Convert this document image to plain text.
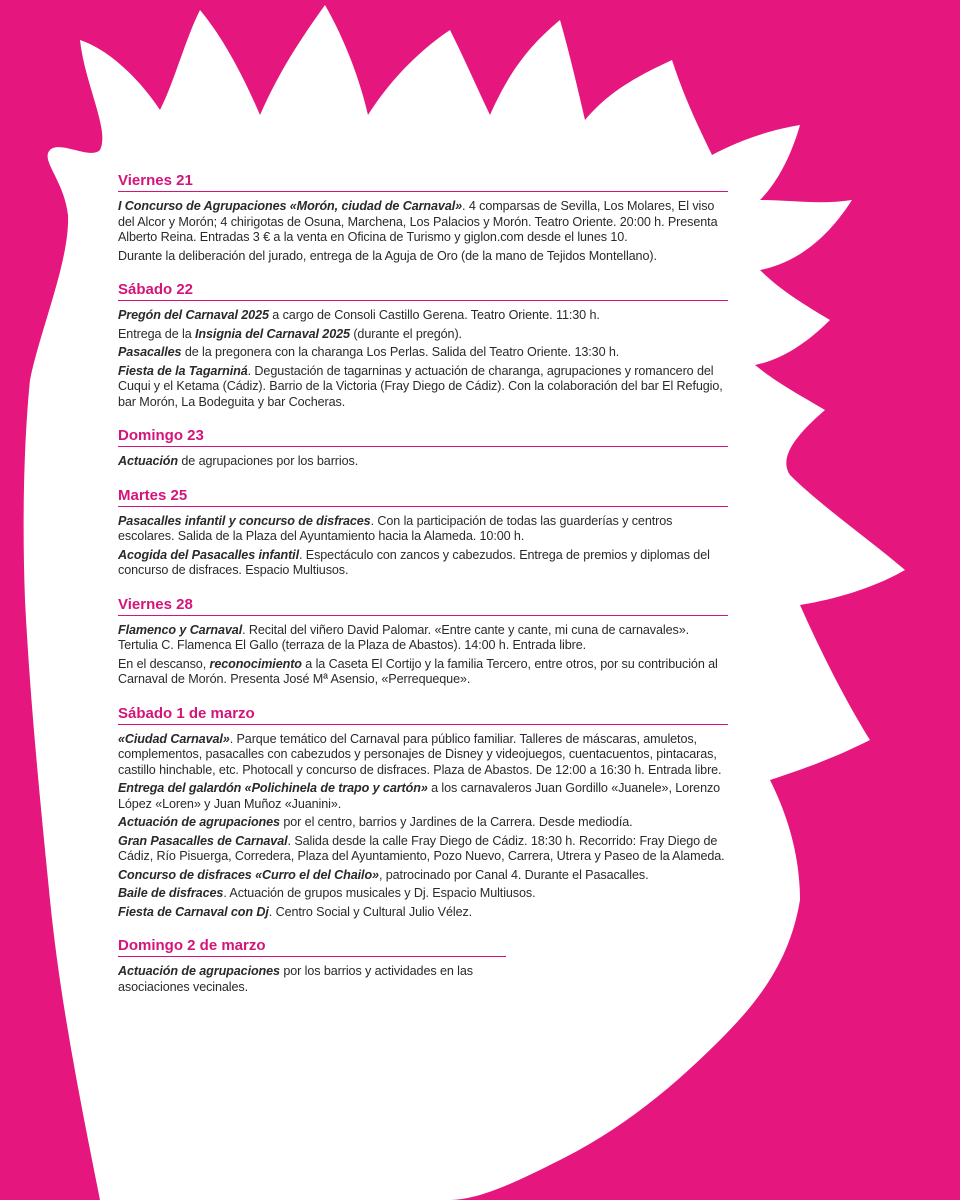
Viernes 21

I Concurso de Agrupaciones «Morón, ciudad de Carnaval». 4 comparsas de Sevilla, Los Molares, El viso del Alcor y Morón; 4 chirigotas de Osuna, Marchena, Los Palacios y Morón. Teatro Oriente. 20:00 h. Presenta Alberto Reina. Entradas 3 € a la venta en Oficina de Turismo y giglon.com desde el lunes 10.

Durante la deliberación del jurado, entrega de la Aguja de Oro (de la mano de Tejidos Montellano).

Sábado 22

Pregón del Carnaval 2025 a cargo de Consoli Castillo Gerena. Teatro Oriente. 11:30 h.

Entrega de la Insignia del Carnaval 2025 (durante el pregón).

Pasacalles de la pregonera con la charanga Los Perlas. Salida del Teatro Oriente. 13:30 h.

Fiesta de la Tagarniná. Degustación de tagarninas y actuación de charanga, agrupaciones y romancero del Cuqui y el Ketama (Cádiz). Barrio de la Victoria (Fray Diego de Cádiz). Con la colaboración del bar El Refugio, bar Morón, La Bodeguita y bar Cocheras.

Domingo 23

Actuación de agrupaciones por los barrios.

Martes 25

Pasacalles infantil y concurso de disfraces. Con la participación de todas las guarderías y centros escolares. Salida de la Plaza del Ayuntamiento hacia la Alameda. 10:00 h.

Acogida del Pasacalles infantil. Espectáculo con zancos y cabezudos. Entrega de premios y diplomas del concurso de disfraces. Espacio Multiusos.

Viernes 28

Flamenco y Carnaval. Recital del viñero David Palomar. «Entre cante y cante, mi cuna de carnavales». Tertulia C. Flamenca El Gallo (terraza de la Plaza de Abastos). 14:00 h. Entrada libre.

En el descanso, reconocimiento a la Caseta El Cortijo y la familia Tercero, entre otros, por su contribución al Carnaval de Morón. Presenta José Mª Asensio, «Perrequeque».

Sábado 1 de marzo

«Ciudad Carnaval». Parque temático del Carnaval para público familiar. Talleres de máscaras, amuletos, complementos, pasacalles con cabezudos y personajes de Disney y videojuegos, cuentacuentos, pintacaras, castillo hinchable, etc. Photocall y concurso de disfraces. Plaza de Abastos. De 12:00 a 16:30 h. Entrada libre.

Entrega del galardón «Polichinela de trapo y cartón» a los carnavaleros Juan Gordillo «Juanele», Lorenzo López «Loren» y Juan Muñoz «Juanini».

Actuación de agrupaciones por el centro, barrios y Jardines de la Carrera. Desde mediodía.

Gran Pasacalles de Carnaval. Salida desde la calle Fray Diego de Cádiz. 18:30 h. Recorrido: Fray Diego de Cádiz, Río Pisuerga, Corredera, Plaza del Ayuntamiento, Pozo Nuevo, Carrera, Utrera y Paseo de la Alameda.

Concurso de disfraces «Curro el del Chailo», patrocinado por Canal 4. Durante el Pasacalles.

Baile de disfraces. Actuación de grupos musicales y Dj. Espacio Multiusos.

Fiesta de Carnaval con Dj. Centro Social y Cultural Julio Vélez.

Domingo 2 de marzo

Actuación de agrupaciones por los barrios y actividades en las asociaciones vecinales.
